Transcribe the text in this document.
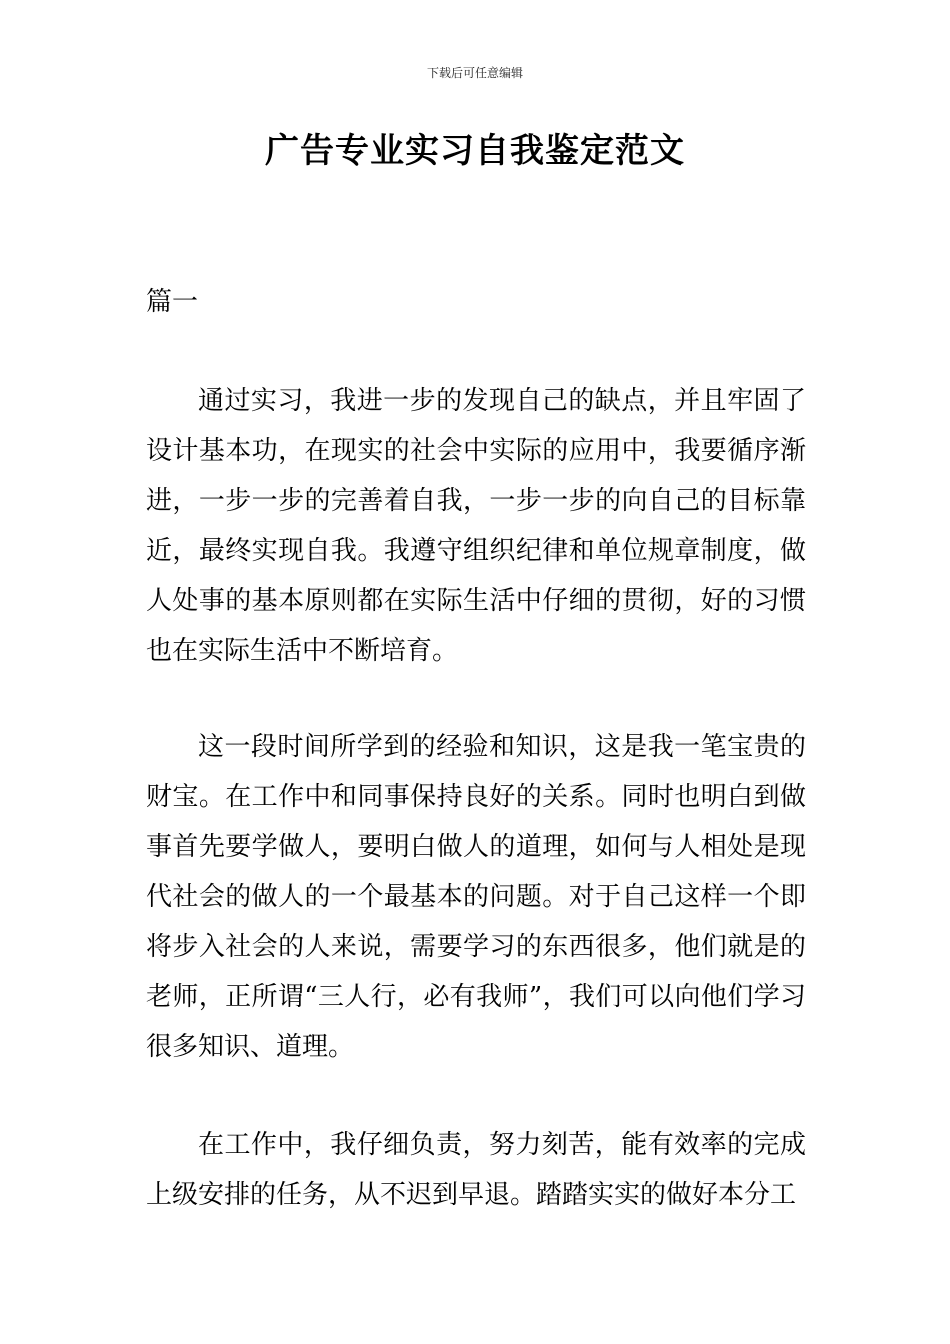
下载后可任意编辑
广告专业实习自我鉴定范文
篇一

通过实习，我进一步的发现自己的缺点，并且牢固了设计基本功，在现实的社会中实际的应用中，我要循序渐进，一步一步的完善着自我，一步一步的向自己的目标靠近，最终实现自我。我遵守组织纪律和单位规章制度，做人处事的基本原则都在实际生活中仔细的贯彻，好的习惯也在实际生活中不断培育。

这一段时间所学到的经验和知识，这是我一笔宝贵的财宝。在工作中和同事保持良好的关系。同时也明白到做事首先要学做人，要明白做人的道理，如何与人相处是现代社会的做人的一个最基本的问题。对于自己这样一个即将步入社会的人来说，需要学习的东西很多，他们就是的老师，正所谓“三人行，必有我师”，我们可以向他们学习很多知识、道理。

在工作中，我仔细负责，努力刻苦，能有效率的完成上级安排的任务，从不迟到早退。踏踏实实的做好本分工
